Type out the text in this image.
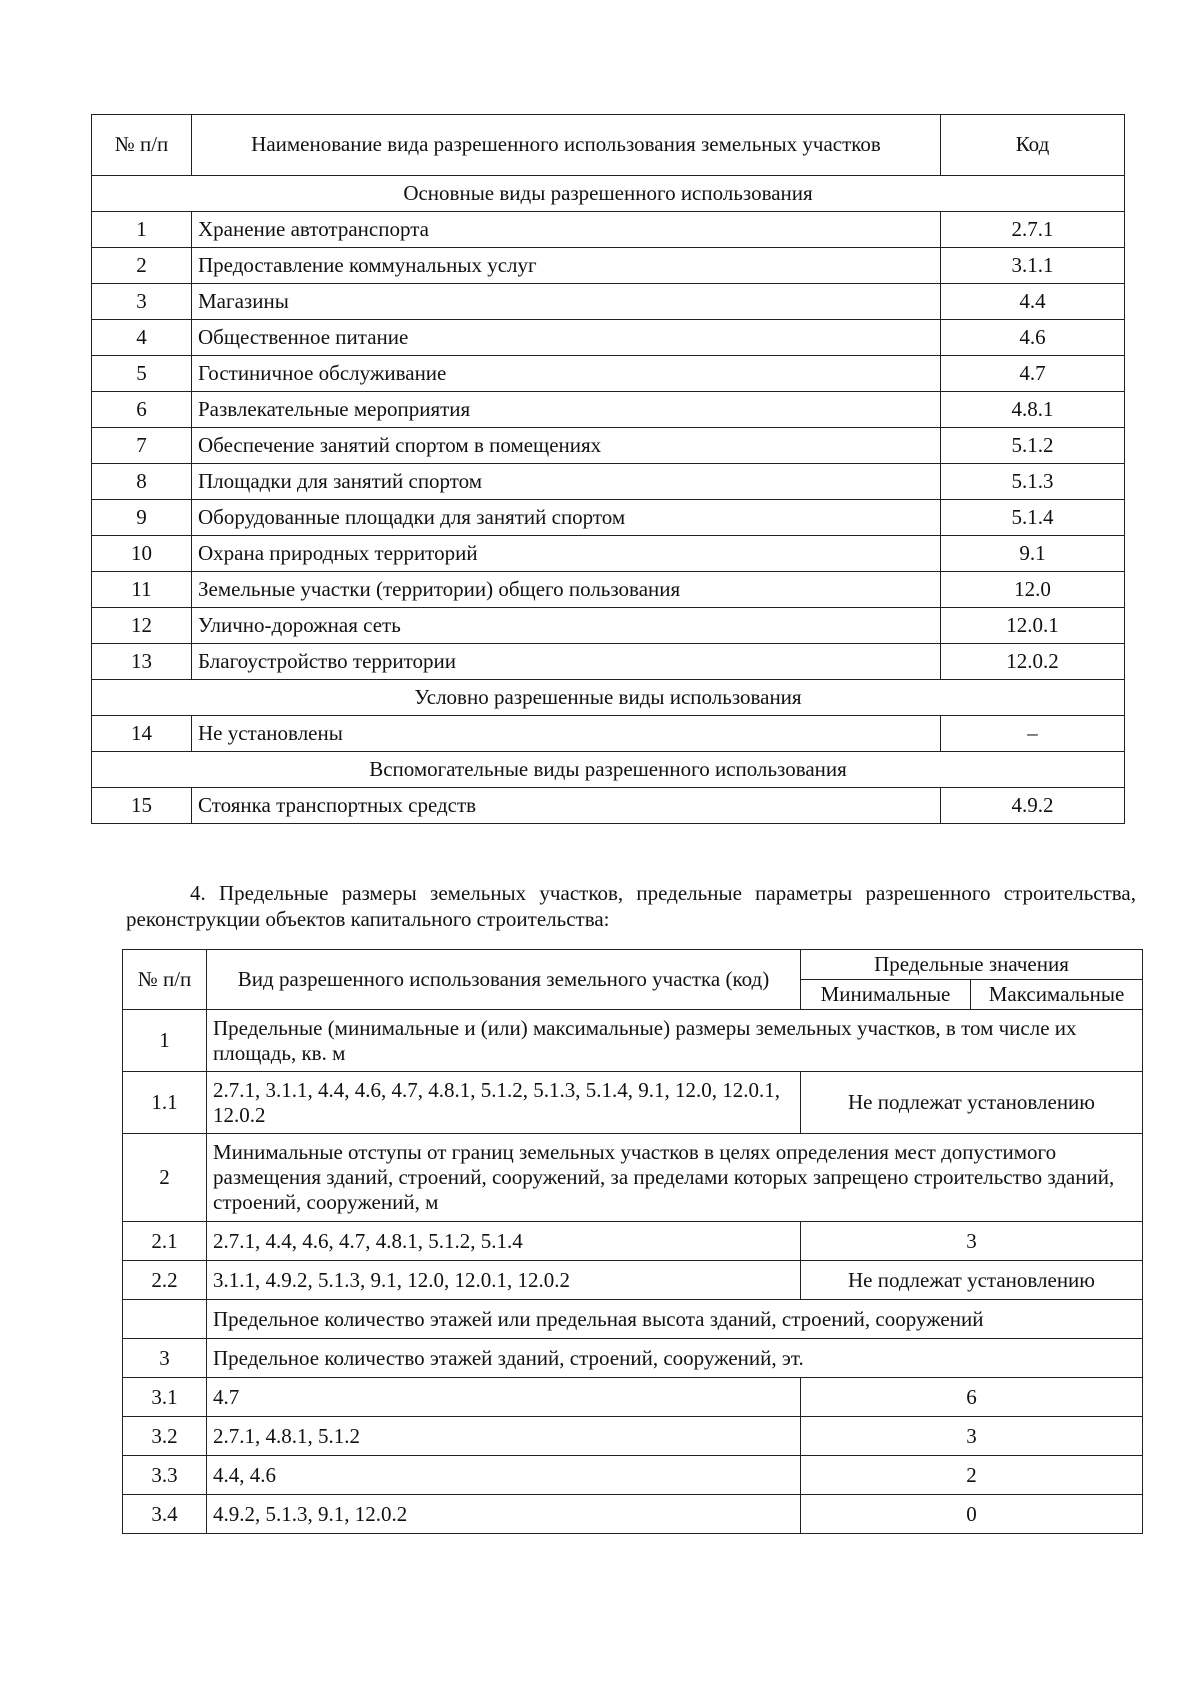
№ п/п	Наименование вида разрешенного использования земельных участков	Код
Основные виды разрешенного использования		
1	Хранение автотранспорта	2.7.1
2	Предоставление коммунальных услуг	3.1.1
3	Магазины	4.4
4	Общественное питание	4.6
5	Гостиничное обслуживание	4.7
6	Развлекательные мероприятия	4.8.1
7	Обеспечение занятий спортом в помещениях	5.1.2
8	Площадки для занятий спортом	5.1.3
9	Оборудованные площадки для занятий спортом	5.1.4
10	Охрана природных территорий	9.1
11	Земельные участки (территории) общего пользования	12.0
12	Улично-дорожная сеть	12.0.1
13	Благоустройство территории	12.0.2
Условно разрешенные виды использования		
14	Не установлены	–
Вспомогательные виды разрешенного использования		
15	Стоянка транспортных средств	4.9.2

4. Предельные размеры земельных участков, предельные параметры разрешенного строительства, реконструкции объектов капитального строительства:

№ п/п	Вид разрешенного использования земельного участка (код)	Предельные значения	
		Минимальные	Максимальные
1	Предельные (минимальные и (или) максимальные) размеры земельных участков, в том числе их площадь, кв. м		
1.1	2.7.1, 3.1.1, 4.4, 4.6, 4.7, 4.8.1, 5.1.2, 5.1.3, 5.1.4, 9.1, 12.0, 12.0.1, 12.0.2	Не подлежат установлению	
2	Минимальные отступы от границ земельных участков в целях определения мест допустимого размещения зданий, строений, сооружений, за пределами которых запрещено строительство зданий, строений, сооружений, м		
2.1	2.7.1, 4.4, 4.6, 4.7, 4.8.1, 5.1.2, 5.1.4	3	
2.2	3.1.1, 4.9.2, 5.1.3, 9.1, 12.0, 12.0.1, 12.0.2	Не подлежат установлению	
	Предельное количество этажей или предельная высота зданий, строений, сооружений		
3	Предельное количество этажей зданий, строений, сооружений, эт.		
3.1	4.7	6	
3.2	2.7.1, 4.8.1, 5.1.2	3	
3.3	4.4, 4.6	2	
3.4	4.9.2, 5.1.3, 9.1, 12.0.2	0	
